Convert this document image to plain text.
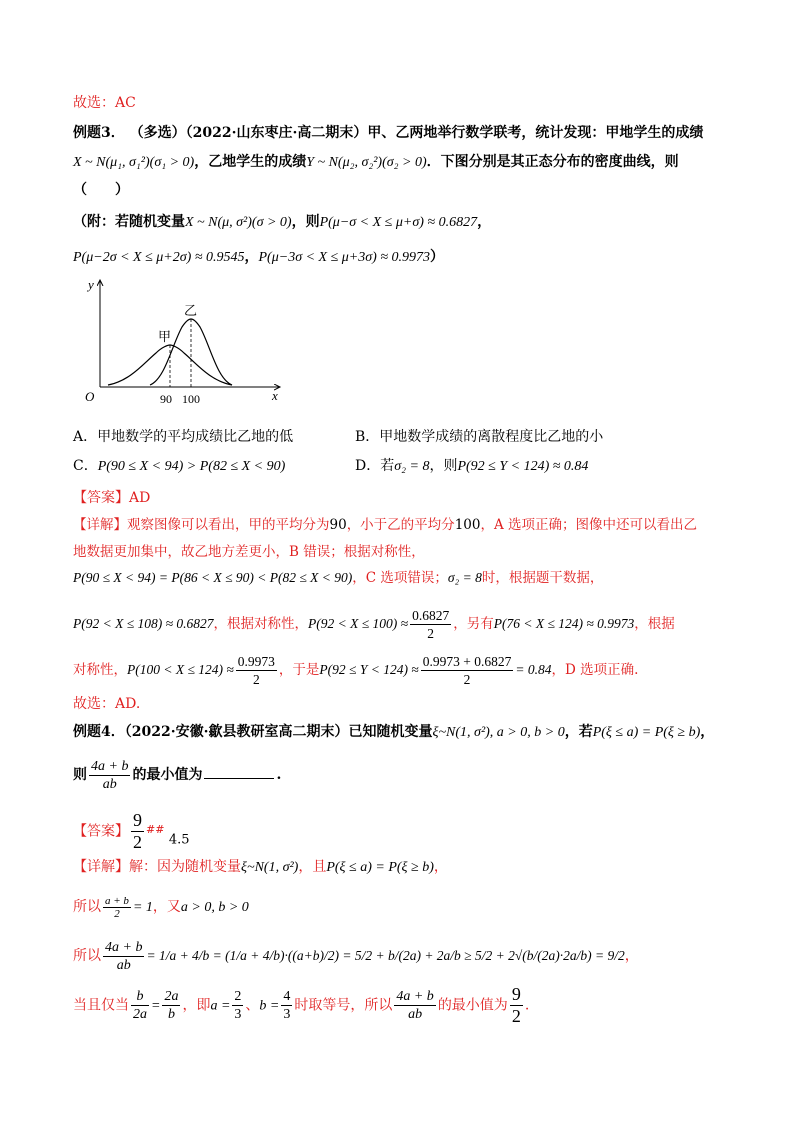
故选：AC
例题3． （多选）（2022·山东枣庄·高二期末）甲、乙两地举行数学联考，统计发现：甲地学生的成绩
X ~ N(μ₁, σ₁²)(σ₁ > 0)，乙地学生的成绩Y ~ N(μ₂, σ₂²)(σ₂ > 0)．下图分别是其正态分布的密度曲线，则
（　　）
（附：若随机变量X ~ N(μ, σ²)(σ > 0)，则P(μ−σ < X ≤ μ+σ) ≈ 0.6827，
P(μ−2σ < X ≤ μ+2σ) ≈ 0.9545，P(μ−3σ < X ≤ μ+3σ) ≈ 0.9973）
y
x
O
甲
乙
90 100
A．甲地数学的平均成绩比乙地的低	B．甲地数学成绩的离散程度比乙地的小
C．P(90 ≤ X < 94) > P(82 ≤ X < 90)	D．若σ₂ = 8，则P(92 ≤ Y < 124) ≈ 0.84
【答案】AD
【详解】观察图像可以看出，甲的平均分为90，小于乙的平均分100，A 选项正确；图像中还可以看出乙
地数据更加集中，故乙地方差更小，B 错误；根据对称性，
P(90 ≤ X < 94) = P(86 < X ≤ 90) < P(82 ≤ X < 90)，C 选项错误；σ₂ = 8时，根据题干数据，
P(92 < X ≤ 108) ≈ 0.6827，根据对称性，$P(92 < X \le 100) \approx \frac{0.6827}{2}$ ，另有P(76 < X ≤ 124) ≈ 0.9973，根据
对称性，$P(100 < X \le 124) \approx \frac{0.9973}{2}$ ，于是$P(92 \le Y < 124) \approx \frac{0.9973 + 0.6827}{2} = 0.84$，D 选项正确.
故选：AD.
例题4．（2022·安徽·歙县教研室高二期末）已知随机变量ξ~N(1, σ²), a > 0, b > 0，若P(ξ ≤ a) = P(ξ ≥ b)，
则 $\frac{4a + b}{ab}$ 的最小值为	.
【答案】 $\frac{9}{2} ^{\#\#}$ 4.5
【详解】解：因为随机变量ξ~N(1, σ²)，且P(ξ ≤ a) = P(ξ ≥ b)，
所以 $\frac{a + b}{2} = 1$，又a > 0, b > 0
所以 $\frac{4a + b}{ab} = 1/a + 4/b = (1/a + 4/b)\cdot((a+b)/2) = 5/2 + b/(2a) + 2a/b \ge 5/2 + 2√(b/(2a)\cdot 2a/b) = 9/2$，
当且仅当 $\frac{b}{2a} = \frac{2a}{b}$ ，即$a = \frac{2}{3}$ 、$b = \frac{4}{3}$ 时取等号，所以 $\frac{4a + b}{ab}$ 的最小值为 $\frac{9}{2}$ .
